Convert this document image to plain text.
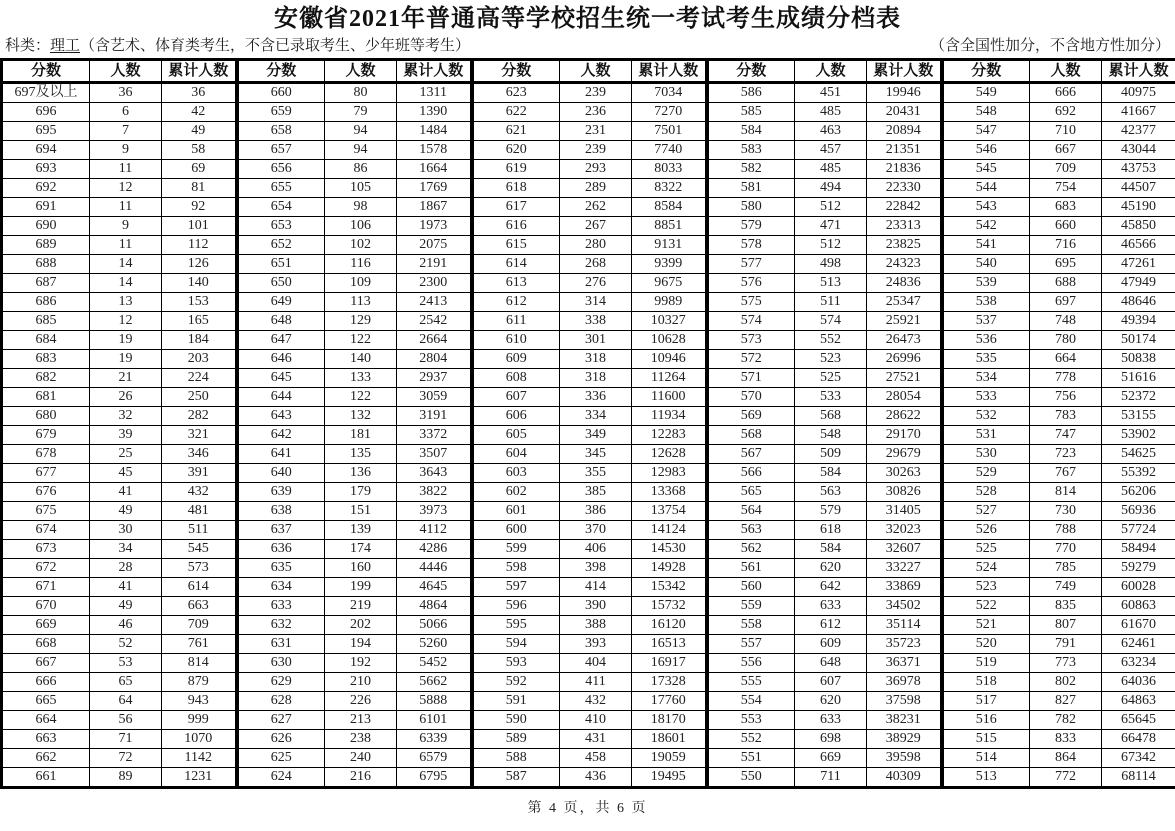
安徽省2021年普通高等学校招生统一考试考生成绩分档表
科类：理工（含艺术、体育类考生，不含已录取考生、少年班等考生）	（含全国性加分，不含地方性加分）
分数	人数	累计人数	分数	人数	累计人数	分数	人数	累计人数	分数	人数	累计人数	分数	人数	累计人数
697及以上	36	36	660	80	1311	623	239	7034	586	451	19946	549	666	40975
696	6	42	659	79	1390	622	236	7270	585	485	20431	548	692	41667
695	7	49	658	94	1484	621	231	7501	584	463	20894	547	710	42377
694	9	58	657	94	1578	620	239	7740	583	457	21351	546	667	43044
693	11	69	656	86	1664	619	293	8033	582	485	21836	545	709	43753
692	12	81	655	105	1769	618	289	8322	581	494	22330	544	754	44507
691	11	92	654	98	1867	617	262	8584	580	512	22842	543	683	45190
690	9	101	653	106	1973	616	267	8851	579	471	23313	542	660	45850
689	11	112	652	102	2075	615	280	9131	578	512	23825	541	716	46566
688	14	126	651	116	2191	614	268	9399	577	498	24323	540	695	47261
687	14	140	650	109	2300	613	276	9675	576	513	24836	539	688	47949
686	13	153	649	113	2413	612	314	9989	575	511	25347	538	697	48646
685	12	165	648	129	2542	611	338	10327	574	574	25921	537	748	49394
684	19	184	647	122	2664	610	301	10628	573	552	26473	536	780	50174
683	19	203	646	140	2804	609	318	10946	572	523	26996	535	664	50838
682	21	224	645	133	2937	608	318	11264	571	525	27521	534	778	51616
681	26	250	644	122	3059	607	336	11600	570	533	28054	533	756	52372
680	32	282	643	132	3191	606	334	11934	569	568	28622	532	783	53155
679	39	321	642	181	3372	605	349	12283	568	548	29170	531	747	53902
678	25	346	641	135	3507	604	345	12628	567	509	29679	530	723	54625
677	45	391	640	136	3643	603	355	12983	566	584	30263	529	767	55392
676	41	432	639	179	3822	602	385	13368	565	563	30826	528	814	56206
675	49	481	638	151	3973	601	386	13754	564	579	31405	527	730	56936
674	30	511	637	139	4112	600	370	14124	563	618	32023	526	788	57724
673	34	545	636	174	4286	599	406	14530	562	584	32607	525	770	58494
672	28	573	635	160	4446	598	398	14928	561	620	33227	524	785	59279
671	41	614	634	199	4645	597	414	15342	560	642	33869	523	749	60028
670	49	663	633	219	4864	596	390	15732	559	633	34502	522	835	60863
669	46	709	632	202	5066	595	388	16120	558	612	35114	521	807	61670
668	52	761	631	194	5260	594	393	16513	557	609	35723	520	791	62461
667	53	814	630	192	5452	593	404	16917	556	648	36371	519	773	63234
666	65	879	629	210	5662	592	411	17328	555	607	36978	518	802	64036
665	64	943	628	226	5888	591	432	17760	554	620	37598	517	827	64863
664	56	999	627	213	6101	590	410	18170	553	633	38231	516	782	65645
663	71	1070	626	238	6339	589	431	18601	552	698	38929	515	833	66478
662	72	1142	625	240	6579	588	458	19059	551	669	39598	514	864	67342
661	89	1231	624	216	6795	587	436	19495	550	711	40309	513	772	68114
第 4 页，共 6 页
